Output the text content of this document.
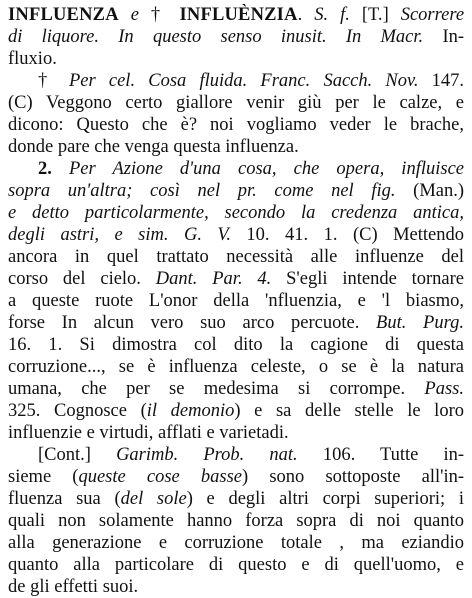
INFLUENZA e † INFLUÈNZIA. S. f. [T.] Scorrere
di liquore. In questo senso inusit. In Macr. In-
fluxio.
† Per cel. Cosa fluida. Franc. Sacch. Nov. 147.
(C) Veggono certo giallore venir giù per le calze, e
dicono: Questo che è? noi vogliamo veder le brache,
donde pare che venga questa influenza.
2. Per Azione d'una cosa, che opera, influisce
sopra un'altra; così nel pr. come nel fig. (Man.)
e detto particolarmente, secondo la credenza antica,
degli astri, e sim. G. V. 10. 41. 1. (C) Mettendo
ancora in quel trattato necessità alle influenze del
corso del cielo. Dant. Par. 4. S'egli intende tornare
a queste ruote L'onor della 'nfluenzia, e 'l biasmo,
forse In alcun vero suo arco percuote. But. Purg.
16. 1. Si dimostra col dito la cagione di questa
corruzione..., se è influenza celeste, o se è la natura
umana, che per se medesima si corrompe. Pass.
325. Cognosce (il demonio) e sa delle stelle le loro
influenzie e virtudi, afflati e varietadi.
[Cont.] Garimb. Prob. nat. 106. Tutte in-
sieme (queste cose basse) sono sottoposte all'in-
fluenza sua (del sole) e degli altri corpi superiori; i
quali non solamente hanno forza sopra di noi quanto
alla generazione e corruzione totale , ma eziandio
quanto alla particolare di questo e di quell'uomo, e
de gli effetti suoi.
